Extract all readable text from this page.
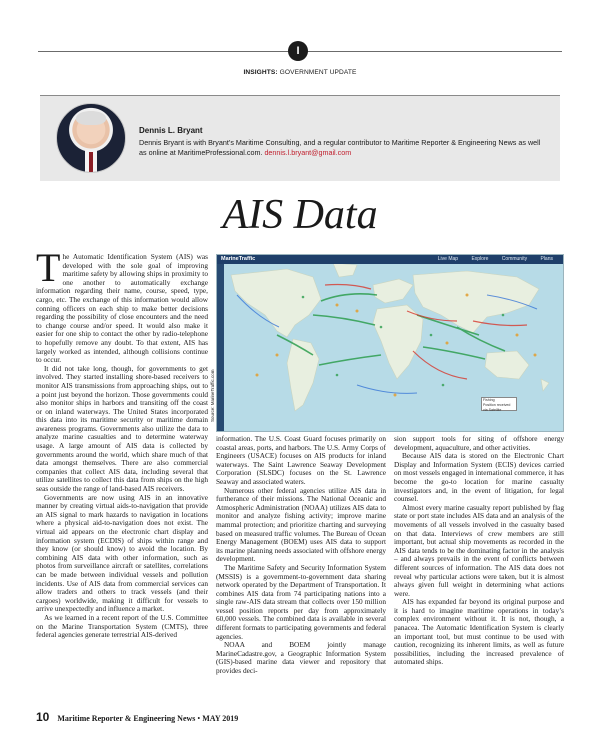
I
INSIGHTS: GOVERNMENT UPDATE
Dennis L. Bryant
Dennis Bryant is with Bryant’s Maritime Consulting, and a regular contributor to Maritime Reporter & Engineering News as well as online at MaritimeProfessional.com. dennis.l.bryant@gmail.com
AIS Data

The Automatic Identification System (AIS) was developed with the sole goal of improving maritime safety by allowing ships in proximity to one another to automatically exchange information regarding their name, course, speed, type, cargo, etc. The exchange of this information would allow conning officers on each ship to make better decisions regarding the possibility of close encounters and the need to change course and/or speed. It would also make it easier for one ship to contact the other by radio-telephone to hopefully remove any doubt. To that extent, AIS has largely worked as intended, although collisions continue to occur.

It did not take long, though, for governments to get involved. They started installing shore-based receivers to monitor AIS transmissions from approaching ships, out to a point just beyond the horizon. Those governments could also monitor ships in harbors and transiting off the coast or on inland waterways. The United States incorporated this data into its maritime security or maritime domain awareness programs. Governments also utilize the data to analyze marine casualties and to determine waterway usage. A large amount of AIS data is collected by governments around the world, which share much of that data amongst themselves. There are also commercial companies that collect AIS data, including several that utilize satellites to collect this data from ships on the high seas outside the range of land-based AIS receivers.

Governments are now using AIS in an innovative manner by creating virtual aids-to-navigation that provide an AIS signal to mark hazards to navigation in locations where a physical aid-to-navigation does not exist. The virtual aid appears on the electronic chart display and information system (ECDIS) of ships within range and they know (or should know) to avoid the location. By combining AIS data with other information, such as photos from surveillance aircraft or satellites, correlations can be made between individual vessels and pollution incidents. Use of AIS data from commercial services can allow traders and others to track vessels (and their cargoes) worldwide, making it difficult for vessels to arrive unexpectedly and influence a market.

As we learned in a recent report of the U.S. Committee on the Marine Transportation System (CMTS), three federal agencies generate terrestrial AIS-derived

MarineTraffic	Live Map	Explore	Community	Plans
Fishing
Position received via Satellite
Source: MarineTraffic.com

information. The U.S. Coast Guard focuses primarily on coastal areas, ports, and harbors. The U.S. Army Corps of Engineers (USACE) focuses on AIS products for inland waterways. The Saint Lawrence Seaway Development Corporation (SLSDC) focuses on the St. Lawrence Seaway and associated waters.

Numerous other federal agencies utilize AIS data in furtherance of their missions. The National Oceanic and Atmospheric Administration (NOAA) utilizes AIS data to monitor and analyze fishing activity; improve marine mammal protection; and prioritize charting and surveying based on measured traffic volumes. The Bureau of Ocean Energy Management (BOEM) uses AIS data to support its marine planning needs associated with offshore energy development.

The Maritime Safety and Security Information System (MSSIS) is a government-to-government data sharing network operated by the Department of Transportation. It combines AIS data from 74 participating nations into a single raw-AIS data stream that collects over 150 million vessel position reports per day from approximately 60,000 vessels. The combined data is available in several different formats to participating governments and federal agencies.

NOAA and BOEM jointly manage MarineCadastre.gov, a Geographic Information System (GIS)-based marine data viewer and repository that provides deci-

sion support tools for siting of offshore energy development, aquaculture, and other activities.

Because AIS data is stored on the Electronic Chart Display and Information System (ECIS) devices carried on most vessels engaged in international commerce, it has become the go-to location for marine casualty investigators and, in the event of litigation, for legal counsel.

Almost every marine casualty report published by flag state or port state includes AIS data and an analysis of the movements of all vessels involved in the casualty based on that data. Interviews of crew members are still important, but actual ship movements as recorded in the AIS data tends to be the dominating factor in the analysis – and always prevails in the event of conflicts between different sources of information. The AIS data does not reveal why particular actions were taken, but it is almost always given full weight in determining what actions were.

AIS has expanded far beyond its original purpose and it is hard to imagine maritime operations in today’s complex environment without it. It is not, though, a panacea. The Automatic Identification System is clearly an important tool, but must continue to be used with caution, recognizing its inherent limits, as well as future possibilities, including the increased prevalence of automated ships.

10 Maritime Reporter & Engineering News • MAY 2019
